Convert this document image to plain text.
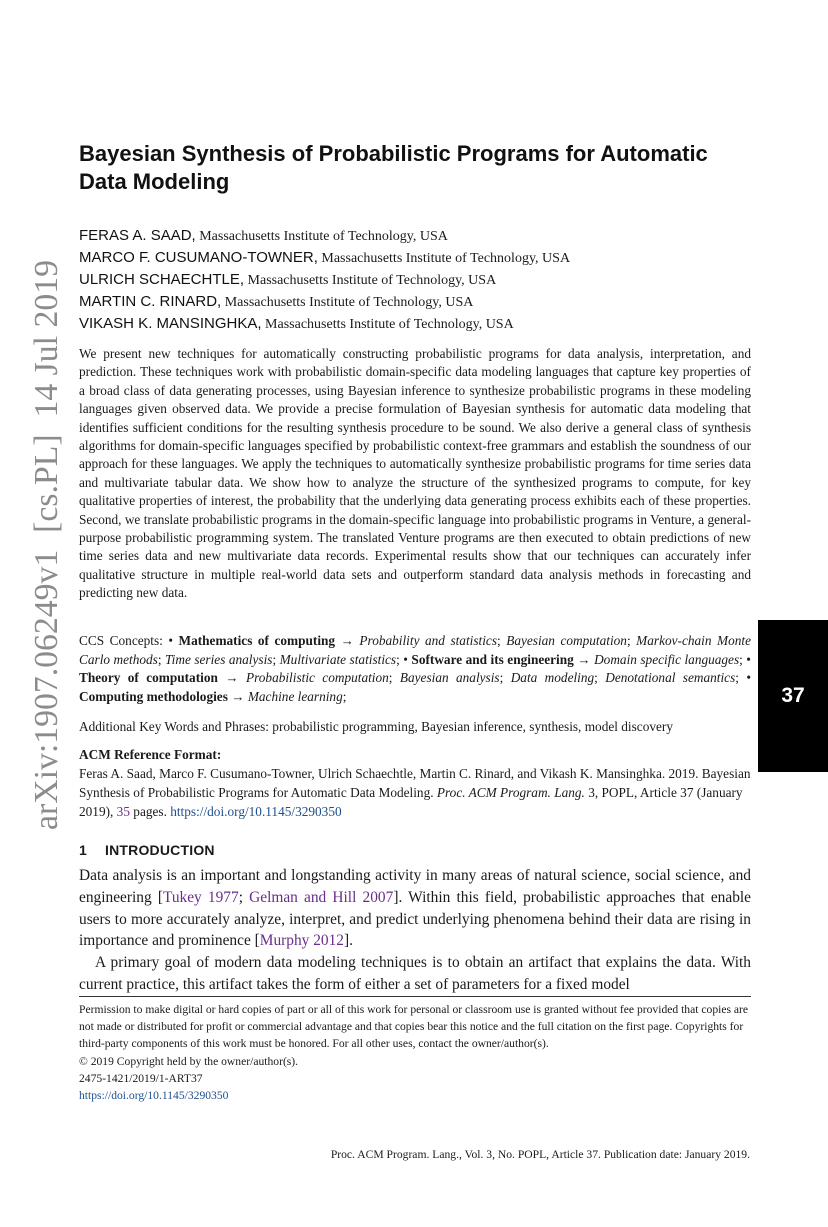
arXiv:1907.06249v1  [cs.PL]  14 Jul 2019	37
Bayesian Synthesis of Probabilistic Programs for Automatic Data Modeling
FERAS A. SAAD, Massachusetts Institute of Technology, USA
MARCO F. CUSUMANO-TOWNER, Massachusetts Institute of Technology, USA
ULRICH SCHAECHTLE, Massachusetts Institute of Technology, USA
MARTIN C. RINARD, Massachusetts Institute of Technology, USA
VIKASH K. MANSINGHKA, Massachusetts Institute of Technology, USA

We present new techniques for automatically constructing probabilistic programs for data analysis, interpretation, and prediction. These techniques work with probabilistic domain-specific data modeling languages that capture key properties of a broad class of data generating processes, using Bayesian inference to synthesize probabilistic programs in these modeling languages given observed data. We provide a precise formulation of Bayesian synthesis for automatic data modeling that identifies sufficient conditions for the resulting synthesis procedure to be sound. We also derive a general class of synthesis algorithms for domain-specific languages specified by probabilistic context-free grammars and establish the soundness of our approach for these languages. We apply the techniques to automatically synthesize probabilistic programs for time series data and multivariate tabular data. We show how to analyze the structure of the synthesized programs to compute, for key qualitative properties of interest, the probability that the underlying data generating process exhibits each of these properties. Second, we translate probabilistic programs in the domain-specific language into probabilistic programs in Venture, a general-purpose probabilistic programming system. The translated Venture programs are then executed to obtain predictions of new time series data and new multivariate data records. Experimental results show that our techniques can accurately infer qualitative structure in multiple real-world data sets and outperform standard data analysis methods in forecasting and predicting new data.

CCS Concepts: • Mathematics of computing → Probability and statistics; Bayesian computation; Markov-chain Monte Carlo methods; Time series analysis; Multivariate statistics; • Software and its engineering → Domain specific languages; • Theory of computation → Probabilistic computation; Bayesian analysis; Data modeling; Denotational semantics; • Computing methodologies → Machine learning;

Additional Key Words and Phrases: probabilistic programming, Bayesian inference, synthesis, model discovery

ACM Reference Format:

Feras A. Saad, Marco F. Cusumano-Towner, Ulrich Schaechtle, Martin C. Rinard, and Vikash K. Mansinghka. 2019. Bayesian Synthesis of Probabilistic Programs for Automatic Data Modeling. Proc. ACM Program. Lang. 3, POPL, Article 37 (January 2019), 35 pages. https://doi.org/10.1145/3290350

1 INTRODUCTION

Data analysis is an important and longstanding activity in many areas of natural science, social science, and engineering [Tukey 1977; Gelman and Hill 2007]. Within this field, probabilistic approaches that enable users to more accurately analyze, interpret, and predict underlying phenomena behind their data are rising in importance and prominence [Murphy 2012].

A primary goal of modern data modeling techniques is to obtain an artifact that explains the data. With current practice, this artifact takes the form of either a set of parameters for a fixed model

Permission to make digital or hard copies of part or all of this work for personal or classroom use is granted without fee provided that copies are not made or distributed for profit or commercial advantage and that copies bear this notice and the full citation on the first page. Copyrights for third-party components of this work must be honored. For all other uses, contact the owner/author(s).

© 2019 Copyright held by the owner/author(s).

2475-1421/2019/1-ART37

https://doi.org/10.1145/3290350

Proc. ACM Program. Lang., Vol. 3, No. POPL, Article 37. Publication date: January 2019.
